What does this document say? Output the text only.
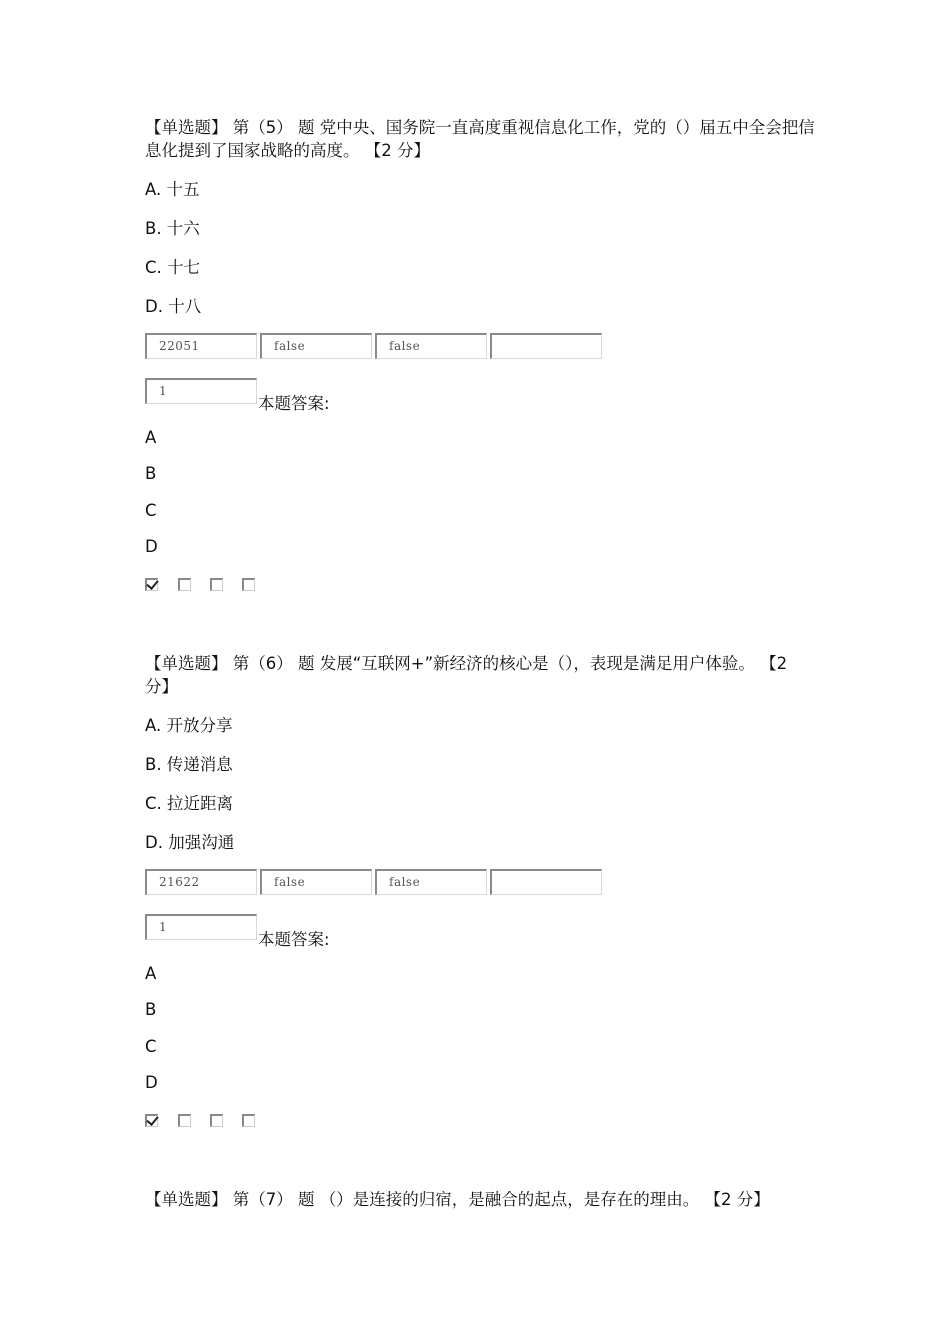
【单选题】 第（5） 题 党中央、国务院一直高度重视信息化工作，党的（）届五中全会把信息化提到了国家战略的高度。 【2 分】

A. 十五
B. 十六
C. 十七
D. 十八
22051	false	false
1
本题答案:
A
B
C
D

【单选题】 第（6） 题 发展“互联网+”新经济的核心是（），表现是满足用户体验。 【2 分】

A. 开放分享
B. 传递消息
C. 拉近距离
D. 加强沟通
21622	false	false
1
本题答案:
A
B
C
D

【单选题】 第（7） 题 （）是连接的归宿，是融合的起点，是存在的理由。 【2 分】
